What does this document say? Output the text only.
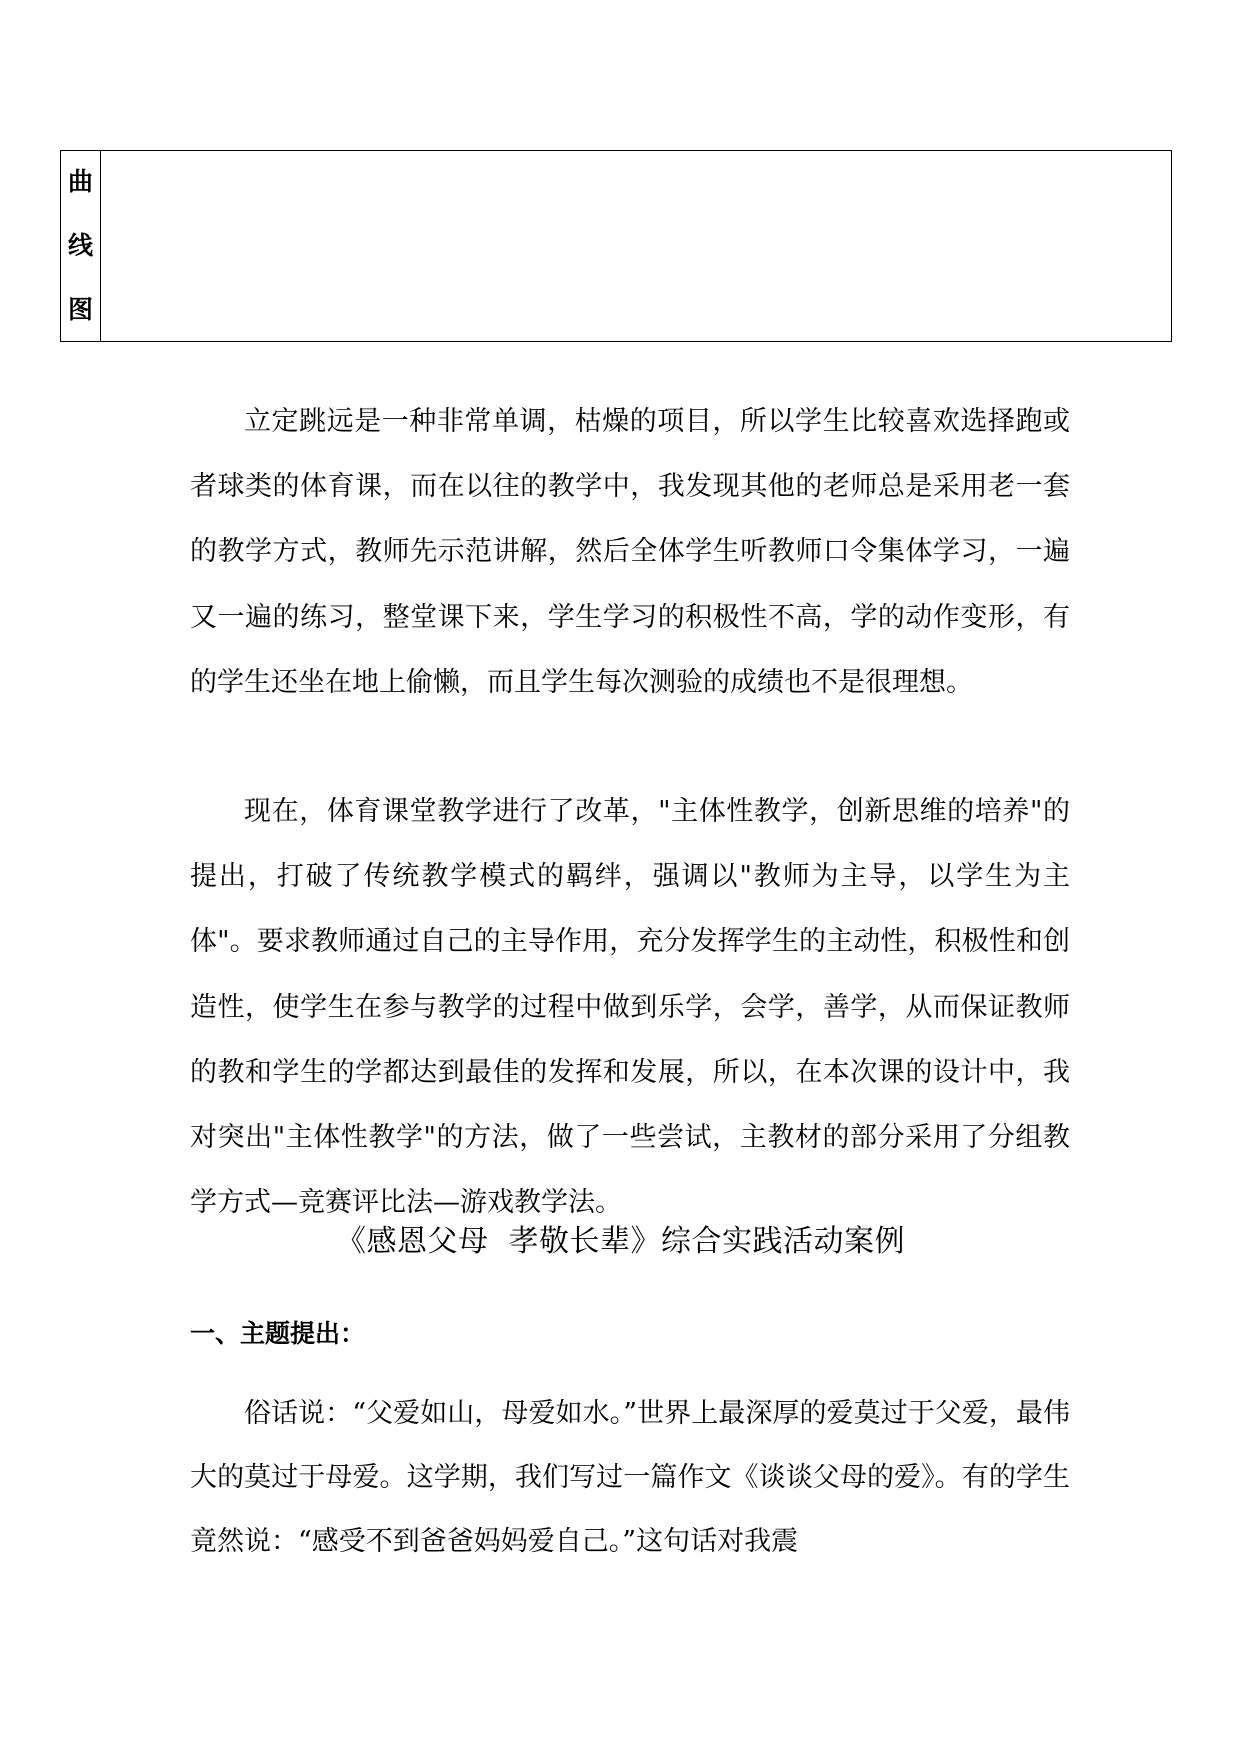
曲
线
图

立定跳远是一种非常单调，枯燥的项目，所以学生比较喜欢选择跑或者球类的体育课，而在以往的教学中，我发现其他的老师总是采用老一套的教学方式，教师先示范讲解，然后全体学生听教师口令集体学习，一遍又一遍的练习，整堂课下来，学生学习的积极性不高，学的动作变形，有的学生还坐在地上偷懒，而且学生每次测验的成绩也不是很理想。

现在，体育课堂教学进行了改革，"主体性教学，创新思维的培养"的提出，打破了传统教学模式的羁绊，强调以"教师为主导，以学生为主体"。要求教师通过自己的主导作用，充分发挥学生的主动性，积极性和创造性，使学生在参与教学的过程中做到乐学，会学，善学，从而保证教师的教和学生的学都达到最佳的发挥和发展，所以，在本次课的设计中，我对突出"主体性教学"的方法，做了一些尝试，主教材的部分采用了分组教学方式—竞赛评比法—游戏教学法。

《感恩父母  孝敬长辈》综合实践活动案例
一、主题提出：

俗话说：“父爱如山，母爱如水。”世界上最深厚的爱莫过于父爱，最伟大的莫过于母爱。这学期，我们写过一篇作文《谈谈父母的爱》。有的学生竟然说：“感受不到爸爸妈妈爱自己。”这句话对我震
